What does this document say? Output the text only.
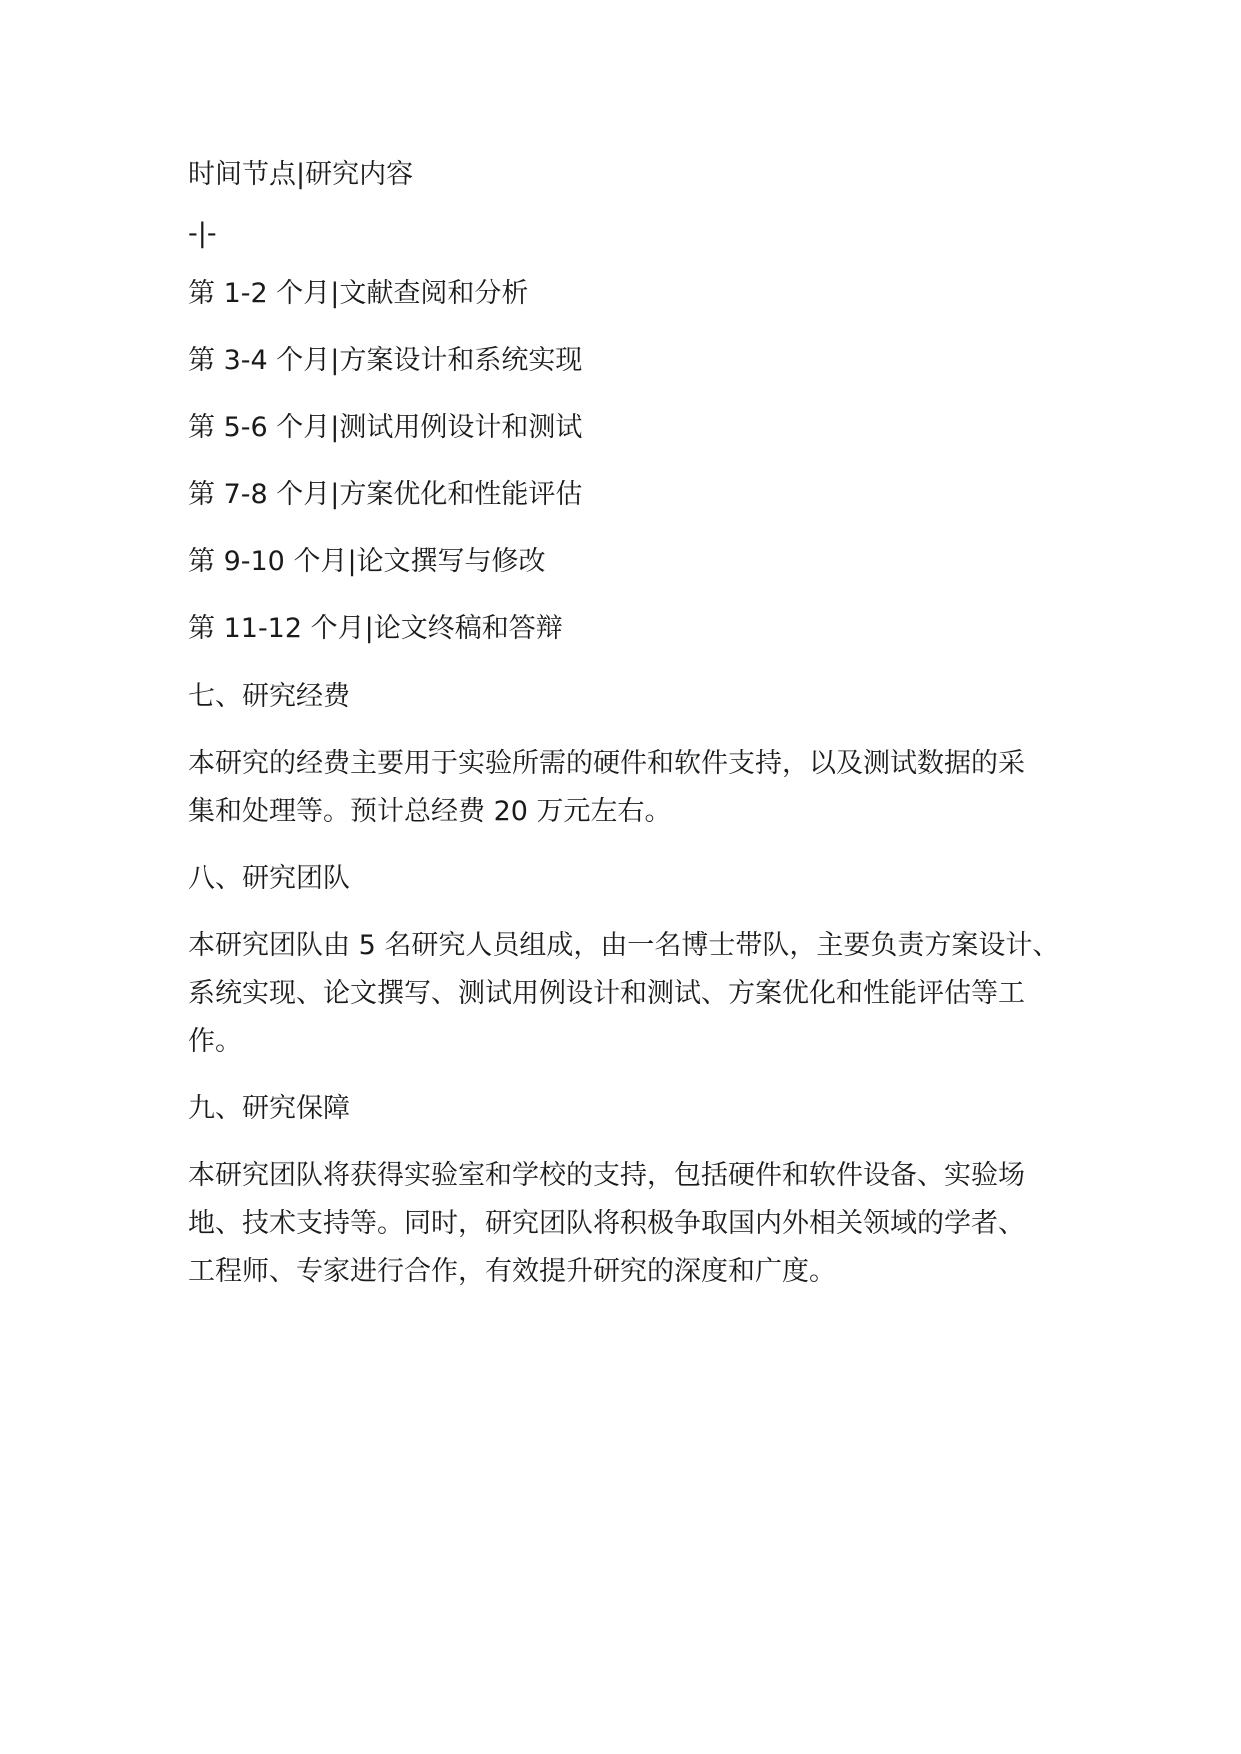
时间节点|研究内容
-|-
第 1-2 个月|文献查阅和分析
第 3-4 个月|方案设计和系统实现
第 5-6 个月|测试用例设计和测试
第 7-8 个月|方案优化和性能评估
第 9-10 个月|论文撰写与修改
第 11-12 个月|论文终稿和答辩
七、研究经费
本研究的经费主要用于实验所需的硬件和软件支持，以及测试数据的采
集和处理等。预计总经费 20 万元左右。
八、研究团队
本研究团队由 5 名研究人员组成，由一名博士带队，主要负责方案设计、
系统实现、论文撰写、测试用例设计和测试、方案优化和性能评估等工
作。
九、研究保障
本研究团队将获得实验室和学校的支持，包括硬件和软件设备、实验场
地、技术支持等。同时，研究团队将积极争取国内外相关领域的学者、
工程师、专家进行合作，有效提升研究的深度和广度。
